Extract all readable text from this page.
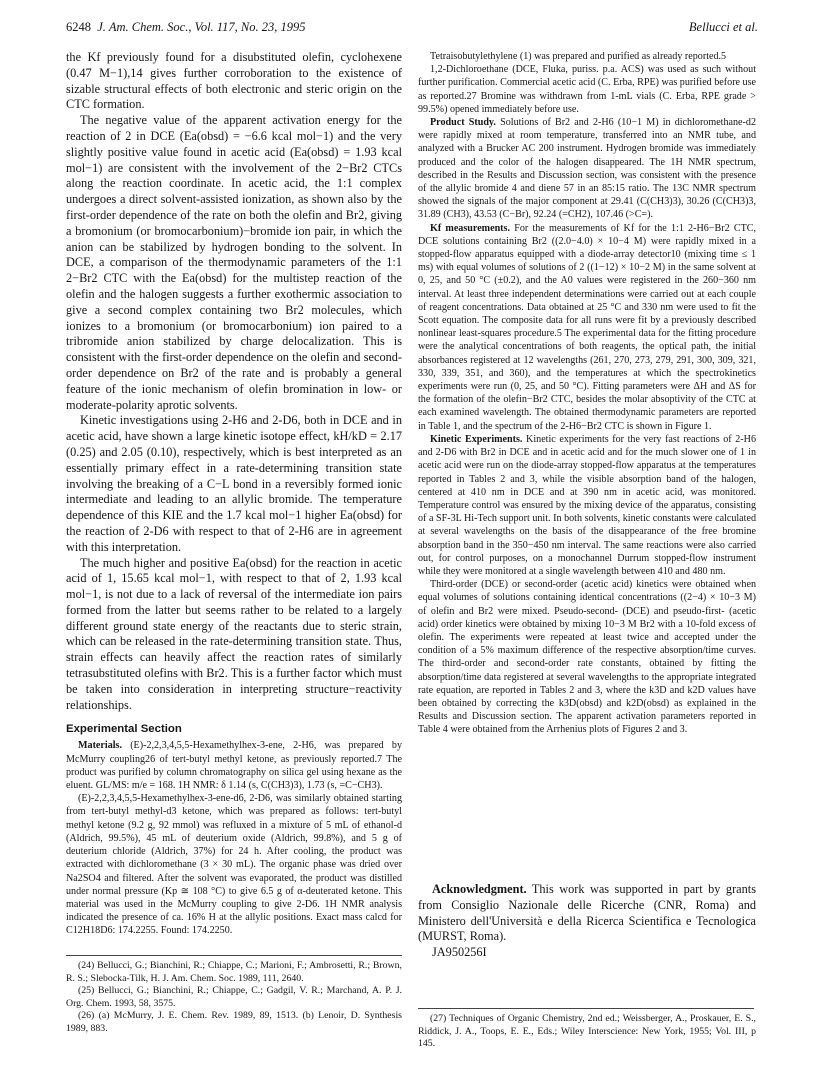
6248 J. Am. Chem. Soc., Vol. 117, No. 23, 1995	Bellucci et al.

the Kf previously found for a disubstituted olefin, cyclohexene (0.47 M−1),14 gives further corroboration to the existence of sizable structural effects of both electronic and steric origin on the CTC formation.

The negative value of the apparent activation energy for the reaction of 2 in DCE (Ea(obsd) = −6.6 kcal mol−1) and the very slightly positive value found in acetic acid (Ea(obsd) = 1.93 kcal mol−1) are consistent with the involvement of the 2−Br2 CTCs along the reaction coordinate. In acetic acid, the 1:1 complex undergoes a direct solvent-assisted ionization, as shown also by the first-order dependence of the rate on both the olefin and Br2, giving a bromonium (or bromocarbonium)−bromide ion pair, in which the anion can be stabilized by hydrogen bonding to the solvent. In DCE, a comparison of the thermodynamic parameters of the 1:1 2−Br2 CTC with the Ea(obsd) for the multistep reaction of the olefin and the halogen suggests a further exothermic association to give a second complex containing two Br2 molecules, which ionizes to a bromonium (or bromocarbonium) ion paired to a tribromide anion stabilized by charge delocalization. This is consistent with the first-order dependence on the olefin and second-order dependence on Br2 of the rate and is probably a general feature of the ionic mechanism of olefin bromination in low- or moderate-polarity aprotic solvents.

Kinetic investigations using 2-H6 and 2-D6, both in DCE and in acetic acid, have shown a large kinetic isotope effect, kH/kD = 2.17 (0.25) and 2.05 (0.10), respectively, which is best interpreted as an essentially primary effect in a rate-determining transition state involving the breaking of a C−L bond in a reversibly formed ionic intermediate and leading to an allylic bromide. The temperature dependence of this KIE and the 1.7 kcal mol−1 higher Ea(obsd) for the reaction of 2-D6 with respect to that of 2-H6 are in agreement with this interpretation.

The much higher and positive Ea(obsd) for the reaction in acetic acid of 1, 15.65 kcal mol−1, with respect to that of 2, 1.93 kcal mol−1, is not due to a lack of reversal of the intermediate ion pairs formed from the latter but seems rather to be related to a largely different ground state energy of the reactants due to steric strain, which can be released in the rate-determining transition state. Thus, strain effects can heavily affect the reaction rates of similarly tetrasubstituted olefins with Br2. This is a further factor which must be taken into consideration in interpreting structure−reactivity relationships.

Experimental Section

Materials. (E)-2,2,3,4,5,5-Hexamethylhex-3-ene, 2-H6, was prepared by McMurry coupling26 of tert-butyl methyl ketone, as previously reported.7 The product was purified by column chromatography on silica gel using hexane as the eluent. GL/MS: m/e = 168. 1H NMR: δ 1.14 (s, C(CH3)3), 1.73 (s, =C−CH3).

(E)-2,2,3,4,5,5-Hexamethylhex-3-ene-d6, 2-D6, was similarly obtained starting from tert-butyl methyl-d3 ketone, which was prepared as follows: tert-butyl methyl ketone (9.2 g, 92 mmol) was refluxed in a mixture of 5 mL of ethanol-d (Aldrich, 99.5%), 45 mL of deuterium oxide (Aldrich, 99.8%), and 5 g of deuterium chloride (Aldrich, 37%) for 24 h. After cooling, the product was extracted with dichloromethane (3 × 30 mL). The organic phase was dried over Na2SO4 and filtered. After the solvent was evaporated, the product was distilled under normal pressure (Kp ≅ 108 °C) to give 6.5 g of α-deuterated ketone. This material was used in the McMurry coupling to give 2-D6. 1H NMR analysis indicated the presence of ca. 16% H at the allylic positions. Exact mass calcd for C12H18D6: 174.2255. Found: 174.2250.

(24) Bellucci, G.; Bianchini, R.; Chiappe, C.; Marioni, F.; Ambrosetti, R.; Brown, R. S.; Slebocka-Tilk, H. J. Am. Chem. Soc. 1989, 111, 2640.

(25) Bellucci, G.; Bianchini, R.; Chiappe, C.; Gadgil, V. R.; Marchand, A. P. J. Org. Chem. 1993, 58, 3575.

(26) (a) McMurry, J. E. Chem. Rev. 1989, 89, 1513. (b) Lenoir, D. Synthesis 1989, 883.

Tetraisobutylethylene (1) was prepared and purified as already reported.5

1,2-Dichloroethane (DCE, Fluka, puriss. p.a. ACS) was used as such without further purification. Commercial acetic acid (C. Erba, RPE) was purified before use as reported.27 Bromine was withdrawn from 1-mL vials (C. Erba, RPE grade > 99.5%) opened immediately before use.

Product Study. Solutions of Br2 and 2-H6 (10−1 M) in dichloromethane-d2 were rapidly mixed at room temperature, transferred into an NMR tube, and analyzed with a Brucker AC 200 instrument. Hydrogen bromide was immediately produced and the color of the halogen disappeared. The 1H NMR spectrum, described in the Results and Discussion section, was consistent with the presence of the allylic bromide 4 and diene 57 in an 85:15 ratio. The 13C NMR spectrum showed the signals of the major component at 29.41 (C(CH3)3), 30.26 (C(CH3)3, 31.89 (CH3), 43.53 (C−Br), 92.24 (=CH2), 107.46 (>C=).

Kf measurements. For the measurements of Kf for the 1:1 2-H6−Br2 CTC, DCE solutions containing Br2 ((2.0−4.0) × 10−4 M) were rapidly mixed in a stopped-flow apparatus equipped with a diode-array detector10 (mixing time ≤ 1 ms) with equal volumes of solutions of 2 ((1−12) × 10−2 M) in the same solvent at 0, 25, and 50 °C (±0.2), and the A0 values were registered in the 260−360 nm interval. At least three independent determinations were carried out at each couple of reagent concentrations. Data obtained at 25 °C and 330 nm were used to fit the Scott equation. The composite data for all runs were fit by a previously described nonlinear least-squares procedure.5 The experimental data for the fitting procedure were the analytical concentrations of both reagents, the optical path, the initial absorbances registered at 12 wavelengths (261, 270, 273, 279, 291, 300, 309, 321, 330, 339, 351, and 360), and the temperatures at which the spectrokinetics experiments were run (0, 25, and 50 °C). Fitting parameters were ΔH and ΔS for the formation of the olefin−Br2 CTC, besides the molar absoptivity of the CTC at each examined wavelength. The obtained thermodynamic parameters are reported in Table 1, and the spectrum of the 2-H6−Br2 CTC is shown in Figure 1.

Kinetic Experiments. Kinetic experiments for the very fast reactions of 2-H6 and 2-D6 with Br2 in DCE and in acetic acid and for the much slower one of 1 in acetic acid were run on the diode-array stopped-flow apparatus at the temperatures reported in Tables 2 and 3, while the visible absorption band of the halogen, centered at 410 nm in DCE and at 390 nm in acetic acid, was monitored. Temperature control was ensured by the mixing device of the apparatus, consisting of a SF-3L Hi-Tech support unit. In both solvents, kinetic constants were calculated at several wavelengths on the basis of the disappearance of the free bromine absorption band in the 350−450 nm interval. The same reactions were also carried out, for control purposes, on a monochannel Durrum stopped-flow instrument while they were monitored at a single wavelength between 410 and 480 nm.

Third-order (DCE) or second-order (acetic acid) kinetics were obtained when equal volumes of solutions containing identical concentrations ((2−4) × 10−3 M) of olefin and Br2 were mixed. Pseudo-second- (DCE) and pseudo-first- (acetic acid) order kinetics were obtained by mixing 10−3 M Br2 with a 10-fold excess of olefin. The experiments were repeated at least twice and accepted under the condition of a 5% maximum difference of the respective absorption/time curves. The third-order and second-order rate constants, obtained by fitting the absorption/time data registered at several wavelengths to the appropriate integrated rate equation, are reported in Tables 2 and 3, where the k3D and k2D values have been obtained by correcting the k3D(obsd) and k2D(obsd) as explained in the Results and Discussion section. The apparent activation parameters reported in Table 4 were obtained from the Arrhenius plots of Figures 2 and 3.

Acknowledgment. This work was supported in part by grants from Consiglio Nazionale delle Ricerche (CNR, Roma) and Ministero dell'Università e della Ricerca Scientifica e Tecnologica (MURST, Roma).

JA950256I

(27) Techniques of Organic Chemistry, 2nd ed.; Weissberger, A., Proskauer, E. S., Riddick, J. A., Toops, E. E., Eds.; Wiley Interscience: New York, 1955; Vol. III, p 145.
